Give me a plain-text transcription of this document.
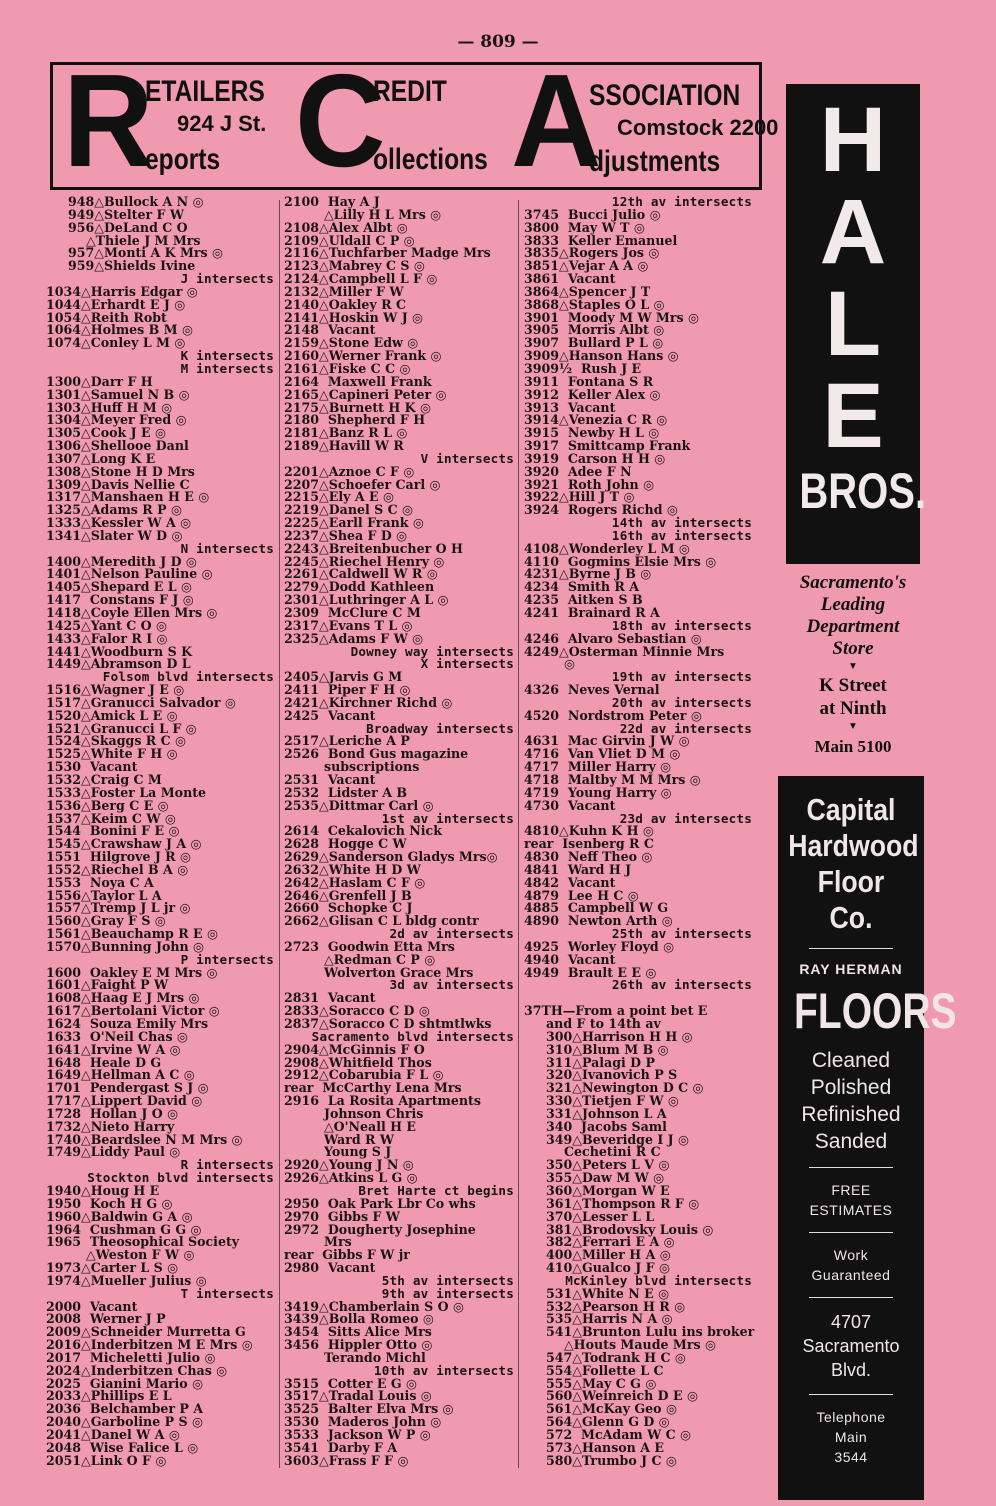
— 809 —
R
ETAILERS
924 J St.
eports C
REDIT
ollections A
SSOCIATION
Comstock 2200
djustments
948△Bullock A N ◎
949△Stelter F W
956△DeLand C O
△Thiele J M Mrs
957△Monti A K Mrs ◎
959△Shields Ivine
J intersects
1034△Harris Edgar ◎
1044△Erhardt E J ◎
1054△Reith Robt
1064△Holmes B M ◎
1074△Conley L M ◎
K intersects
M intersects
1300△Darr F H
1301△Samuel N B ◎
1303△Huff H M ◎
1304△Meyer Fred ◎
1305△Cook J E ◎
1306△Shellooe Danl
1307△Long K E
1308△Stone H D Mrs
1309△Davis Nellie C
1317△Manshaen H E ◎
1325△Adams R P ◎
1333△Kessler W A ◎
1341△Slater W D ◎
N intersects
1400△Meredith J D ◎
1401△Nelson Pauline ◎
1405△Shepard E L ◎
1417  Constans F J ◎
1418△Coyle Ellen Mrs ◎
1425△Yant C O ◎
1433△Falor R I ◎
1441△Woodburn S K
1449△Abramson D L
Folsom blvd intersects
1516△Wagner J E ◎
1517△Granucci Salvador ◎
1520△Amick L E ◎
1521△Granucci L F ◎
1524△Skaggs R C ◎
1525△White F H ◎
1530  Vacant
1532△Craig C M
1533△Foster La Monte
1536△Berg C E ◎
1537△Keim C W ◎
1544  Bonini F E ◎
1545△Crawshaw J A ◎
1551  Hilgrove J R ◎
1552△Riechel B A ◎
1553  Noya C A
1556△Taylor L A
1557△Tremp J L jr ◎
1560△Gray F S ◎
1561△Beauchamp R E ◎
1570△Bunning John ◎
P intersects
1600  Oakley E M Mrs ◎
1601△Faight P W
1608△Haag E J Mrs ◎
1617△Bertolani Victor ◎
1624  Souza Emily Mrs
1633  O'Neil Chas ◎
1641△Irvine W A ◎
1648  Heale D G
1649△Hellman A C ◎
1701  Pendergast S J ◎
1717△Lippert David ◎
1728  Hollan J O ◎
1732△Nieto Harry
1740△Beardslee N M Mrs ◎
1749△Liddy Paul ◎
R intersects
Stockton blvd intersects
1940△Houg H E
1950  Koch H G ◎
1960△Baldwin G A ◎
1964  Cushman G G ◎
1965  Theosophical Society
△Weston F W ◎
1973△Carter L S ◎
1974△Mueller Julius ◎
T intersects
2000  Vacant
2008  Werner J P
2009△Schneider Murretta G
2016△Inderbitzen M E Mrs ◎
2017  Micheletti Julio ◎
2024△Inderbitzen Chas ◎
2025  Gianini Mario ◎
2033△Phillips E L
2036  Belchamber P A
2040△Garboline P S ◎
2041△Danel W A ◎
2048  Wise Falice L ◎
2051△Link O F ◎
2100  Hay A J
△Lilly H L Mrs ◎
2108△Alex Albt ◎
2109△Uldall C P ◎
2116△Tuchfarber Madge Mrs
2123△Mabrey C S ◎
2124△Campbell L F ◎
2132△Miller F W
2140△Oakley R C
2141△Hoskin W J ◎
2148  Vacant
2159△Stone Edw ◎
2160△Werner Frank ◎
2161△Fiske C C ◎
2164  Maxwell Frank
2165△Capineri Peter ◎
2175△Burnett H K ◎
2180  Shepherd F H
2181△Banz R L ◎
2189△Havill W R
V intersects
2201△Aznoe C F ◎
2207△Schoefer Carl ◎
2215△Ely A E ◎
2219△Danel S C ◎
2225△Earll Frank ◎
2237△Shea F D ◎
2243△Breitenbucher O H
2245△Riechel Henry ◎
2261△Caldwell W R ◎
2279△Dodd Kathleen
2301△Luthringer A L ◎
2309  McClure C M
2317△Evans T L ◎
2325△Adams F W ◎
Downey way intersects
X intersects
2405△Jarvis G M
2411  Piper F H ◎
2421△Kirchner Richd ◎
2425  Vacant
Broadway intersects
2517△Leriche A P
2526  Bond Gus magazine
subscriptions
2531  Vacant
2532  Lidster A B
2535△Dittmar Carl ◎
1st av intersects
2614  Cekalovich Nick
2628  Hogge C W
2629△Sanderson Gladys Mrs◎
2632△White H D W
2642△Haslam C F ◎
2646△Grenfell J B
2660  Schopke C J
2662△Glisan C L bldg contr
2d av intersects
2723  Goodwin Etta Mrs
△Redman C P ◎
Wolverton Grace Mrs
3d av intersects
2831  Vacant
2833△Soracco C D ◎
2837△Soracco C D shtmtlwks
Sacramento blvd intersects
2904△McGinnis F O
2908△Whitfield Thos
2912△Cobarubia F L ◎
rear  McCarthy Lena Mrs
2916  La Rosita Apartments
Johnson Chris
△O'Neall H E
Ward R W
Young S J
2920△Young J N ◎
2926△Atkins L G ◎
Bret Harte ct begins
2950  Oak Park Lbr Co whs
2970  Gibbs F W
2972  Dougherty Josephine
Mrs
rear  Gibbs F W jr
2980  Vacant
5th av intersects
9th av intersects
3419△Chamberlain S O ◎
3439△Bolla Romeo ◎
3454  Sitts Alice Mrs
3456  Hippler Otto ◎
Terando Michl
10th av intersects
3515  Cotter E G ◎
3517△Tradal Louis ◎
3525  Balter Elva Mrs ◎
3530  Maderos John ◎
3533  Jackson W P ◎
3541  Darby F A
3603△Frass F F ◎
12th av intersects
3745  Bucci Julio ◎
3800  May W T ◎
3833  Keller Emanuel
3835△Rogers Jos ◎
3851△Vejar A A ◎
3861  Vacant
3864△Spencer J T
3868△Staples O L ◎
3901  Moody M W Mrs ◎
3905  Morris Albt ◎
3907  Bullard P L ◎
3909△Hanson Hans ◎
3909½  Rush J E
3911  Fontana S R
3912  Keller Alex ◎
3913  Vacant
3914△Venezia C R ◎
3915  Newby H L ◎
3917  Smittcamp Frank
3919  Carson H H ◎
3920  Adee F N
3921  Roth John ◎
3922△Hill J T ◎
3924  Rogers Richd ◎
14th av intersects
16th av intersects
4108△Wonderley L M ◎
4110  Gogmins Elsie Mrs ◎
4231△Byrne J B ◎
4234  Smith R A
4235  Aitken S B
4241  Brainard R A
18th av intersects
4246  Alvaro Sebastian ◎
4249△Osterman Minnie Mrs
◎
19th av intersects
4326  Neves Vernal
20th av intersects
4520  Nordstrom Peter ◎
22d av intersects
4631  Mac Girvin J W ◎
4716  Van Vliet D M ◎
4717  Miller Harry ◎
4718  Maltby M M Mrs ◎
4719  Young Harry ◎
4730  Vacant
23d av intersects
4810△Kuhn K H ◎
rear  Isenberg R C
4830  Neff Theo ◎
4841  Ward H J
4842  Vacant
4879  Lee H C ◎
4885  Campbell W G
4890  Newton Arth ◎
25th av intersects
4925  Worley Floyd ◎
4940  Vacant
4949  Brault E E ◎
26th av intersects

37TH—From a point bet E
and F to 14th av
300△Harrison H H ◎
310△Blum M B ◎
311△Palagi D P
320△Ivanovich P S
321△Newington D C ◎
330△Tietjen F W ◎
331△Johnson L A
340  Jacobs Saml
349△Beveridge I J ◎
Cechetini R C
350△Peters L V ◎
355△Daw M W ◎
360△Morgan W E
361△Thompson R F ◎
370△Lesser L L
381△Brodovsky Louis ◎
382△Ferrari E A ◎
400△Miller H A ◎
410△Gualco J F ◎
McKinley blvd intersects
531△White N E ◎
532△Pearson H R ◎
535△Harris N A ◎
541△Brunton Lulu ins broker
△Houts Maude Mrs ◎
547△Todrank H C ◎
554△Follette L C
555△May C G ◎
560△Weinreich D E ◎
561△McKay Geo ◎
564△Glenn G D ◎
572  McAdam W C ◎
573△Hanson A E
580△Trumbo J C ◎
H
A
L
E
BROS.
Sacramento's
Leading
Department
Store
▼
K Street
at Ninth
▼
Main 5100
Capital
Hardwood
Floor
Co.
RAY HERMAN
FLOORS
Cleaned
Polished
Refinished
Sanded
FREE
ESTIMATES
Work
Guaranteed
4707
Sacramento
Blvd.
Telephone
Main
3544
